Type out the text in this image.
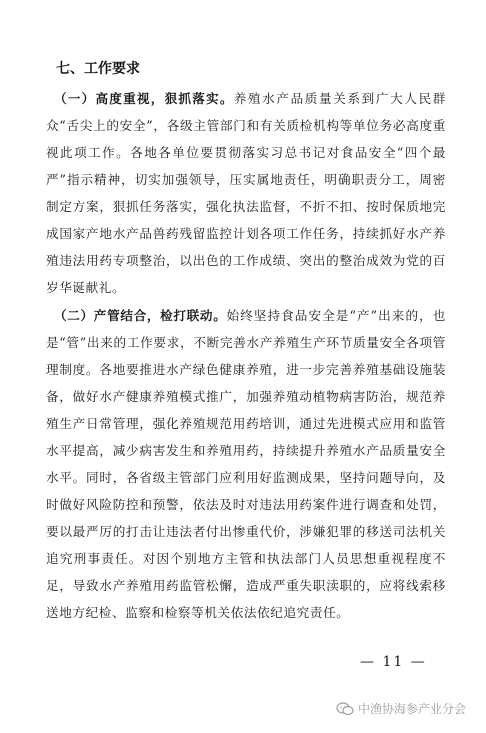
七、工作要求

（一）高度重视，狠抓落实。养殖水产品质量关系到广大人民群众“舌尖上的安全”，各级主管部门和有关质检机构等单位务必高度重视此项工作。各地各单位要贯彻落实习总书记对食品安全“四个最严”指示精神，切实加强领导，压实属地责任，明确职责分工，周密制定方案，狠抓任务落实，强化执法监督，不折不扣、按时保质地完成国家产地水产品兽药残留监控计划各项工作任务，持续抓好水产养殖违法用药专项整治，以出色的工作成绩、突出的整治成效为党的百岁华诞献礼。

（二）产管结合，检打联动。始终坚持食品安全是“产”出来的，也是“管”出来的工作要求，不断完善水产养殖生产环节质量安全各项管理制度。各地要推进水产绿色健康养殖，进一步完善养殖基础设施装备，做好水产健康养殖模式推广，加强养殖动植物病害防治，规范养殖生产日常管理，强化养殖规范用药培训，通过先进模式应用和监管水平提高，减少病害发生和养殖用药，持续提升养殖水产品质量安全水平。同时，各省级主管部门应利用好监测成果，坚持问题导向，及时做好风险防控和预警，依法及时对违法用药案件进行调查和处罚，要以最严厉的打击让违法者付出惨重代价，涉嫌犯罪的移送司法机关追究刑事责任。对因个别地方主管和执法部门人员思想重视程度不足，导致水产养殖用药监管松懈，造成严重失职渎职的，应将线索移送地方纪检、监察和检察等机关依法依纪追究责任。

— 11 —
中渔协海参产业分会
